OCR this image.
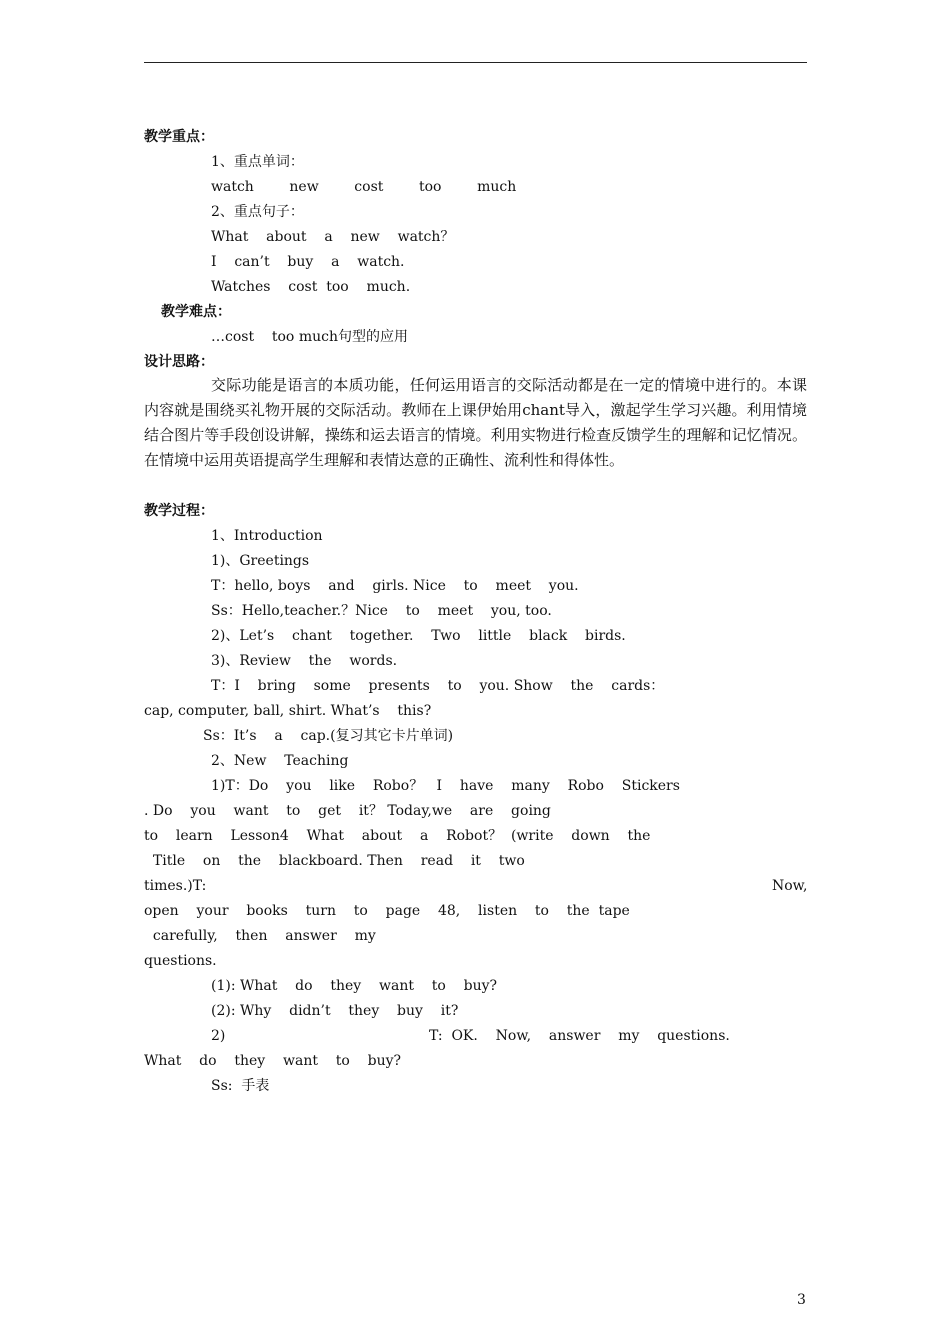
教学重点：
1、重点单词：
watch        new        cost        too        much
2、重点句子：
What    about    a    new    watch？
I    can’t    buy    a    watch.
Watches    cost  too    much.
教学难点：
…cost    too much句型的应用
设计思路：
交际功能是语言的本质功能，任何运用语言的交际活动都是在一定的情境中进行的。本课内容就是围绕买礼物开展的交际活动。教师在上课伊始用chant导入，激起学生学习兴趣。利用情境结合图片等手段创设讲解，操练和运去语言的情境。利用实物进行检查反馈学生的理解和记忆情况。在情境中运用英语提高学生理解和表情达意的正确性、流利性和得体性。
教学过程：
1、Introduction
1)、Greetings
T：hello, boys    and    girls. Nice    to    meet    you.
Ss：Hello,teacher.？Nice    to    meet    you, too.
2)、Let’s    chant    together.    Two    little    black    birds.
3)、Review    the    words.
T：I    bring    some    presents    to    you. Show    the    cards：
cap, computer, ball, shirt. What’s    this?
Ss：It’s    a    cap.(复习其它卡片单词)
2、New    Teaching
1)T：Do    you    like    Robo？   I    have    many    Robo    Stickers
. Do    you    want    to    get    it？ Today,we    are    going
to    learn    Lesson4    What    about    a    Robot？  (write    down    the
Title    on    the    blackboard. Then    read    it    two
times.)T:	Now,
open    your    books    turn    to    page    48,    listen    to    the  tape
carefully,    then    answer    my
questions.
(1): What    do    they    want    to    buy?
(2): Why    didn’t    they    buy    it?
2)	T:  OK.    Now,    answer    my    questions.
What    do    they    want    to    buy?
Ss:  手表
3
